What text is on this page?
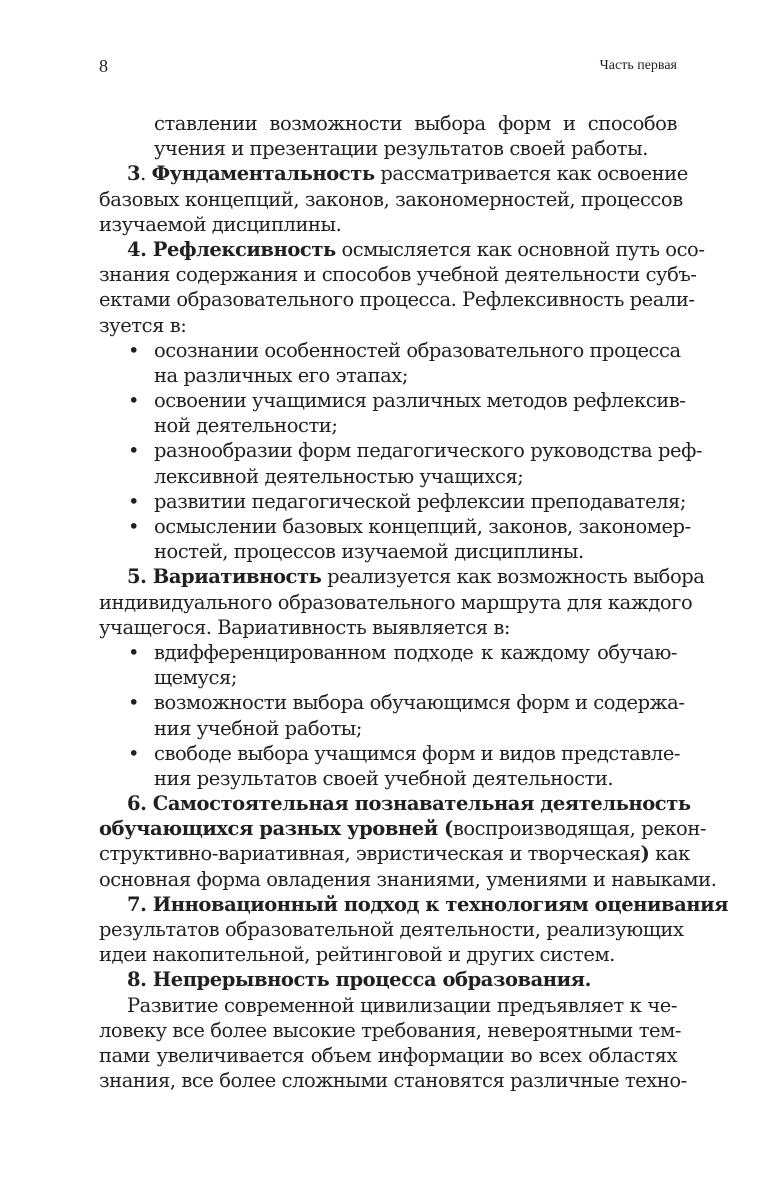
8	Часть первая
ставлении возможности выбора форм и способов
учения и презентации результатов своей работы.
3. Фундаментальность рассматривается как освоение
базовых концепций, законов, закономерностей, процессов
изучаемой дисциплины.
4. Рефлексивность осмысляется как основной путь осо-
знания содержания и способов учебной деятельности субъ-
ектами образовательного процесса. Рефлексивность реали-
зуется в:
• осознании особенностей образовательного процесса
на различных его этапах;
• освоении учащимися различных методов рефлексив-
ной деятельности;
• разнообразии форм педагогического руководства реф-
лексивной деятельностью учащихся;
• развитии педагогической рефлексии преподавателя;
• осмыслении базовых концепций, законов, закономер-
ностей, процессов изучаемой дисциплины.
5. Вариативность реализуется как возможность выбора
индивидуального образовательного маршрута для каждого
учащегося. Вариативность выявляется в:
• вдифференцированном подходе к каждому обучаю-
щемуся;
• возможности выбора обучающимся форм и содержа-
ния учебной работы;
• свободе выбора учащимся форм и видов представле-
ния результатов своей учебной деятельности.
6. Самостоятельная познавательная деятельность
обучающихся разных уровней (воспроизводящая, рекон-
структивно-вариативная, эвристическая и творческая) как
основная форма овладения знаниями, умениями и навыками.
7. Инновационный подход к технологиям оценивания
результатов образовательной деятельности, реализующих
идеи накопительной, рейтинговой и других систем.
8. Непрерывность процесса образования.
Развитие современной цивилизации предъявляет к че-
ловеку все более высокие требования, невероятными тем-
пами увеличивается объем информации во всех областях
знания, все более сложными становятся различные техно-
